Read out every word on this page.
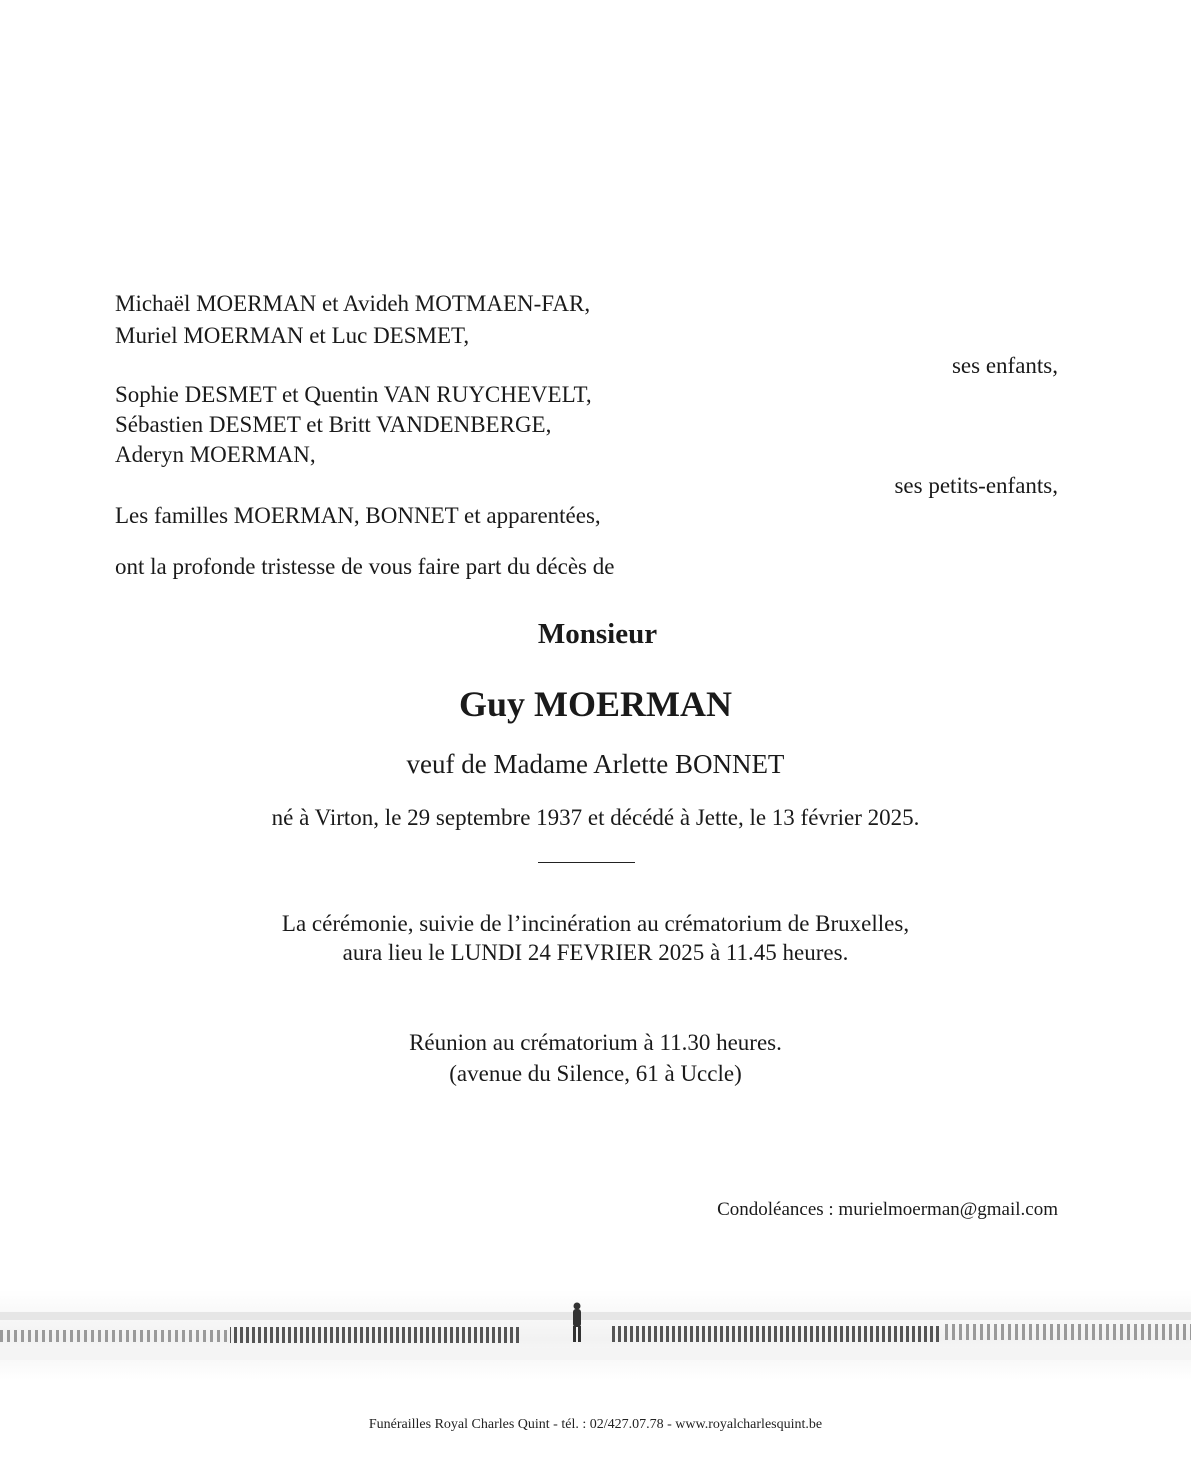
Michaël MOERMAN et Avideh MOTMAEN-FAR,
Muriel MOERMAN et Luc DESMET,
ses enfants,
Sophie DESMET et Quentin VAN RUYCHEVELT,
Sébastien DESMET et Britt VANDENBERGE,
Aderyn MOERMAN,
ses petits-enfants,
Les familles MOERMAN, BONNET et apparentées,
ont la profonde tristesse de vous faire part du décès de
Monsieur
Guy MOERMAN
veuf de Madame Arlette BONNET
né à Virton, le 29 septembre 1937 et décédé à Jette, le 13 février 2025.
La cérémonie, suivie de l’incinération au crématorium de Bruxelles,
aura lieu le LUNDI 24 FEVRIER 2025 à 11.45 heures.
Réunion au crématorium à 11.30 heures.
(avenue du Silence, 61 à Uccle)
Condoléances : murielmoerman@gmail.com
Funérailles Royal Charles Quint - tél. : 02/427.07.78 - www.royalcharlesquint.be
